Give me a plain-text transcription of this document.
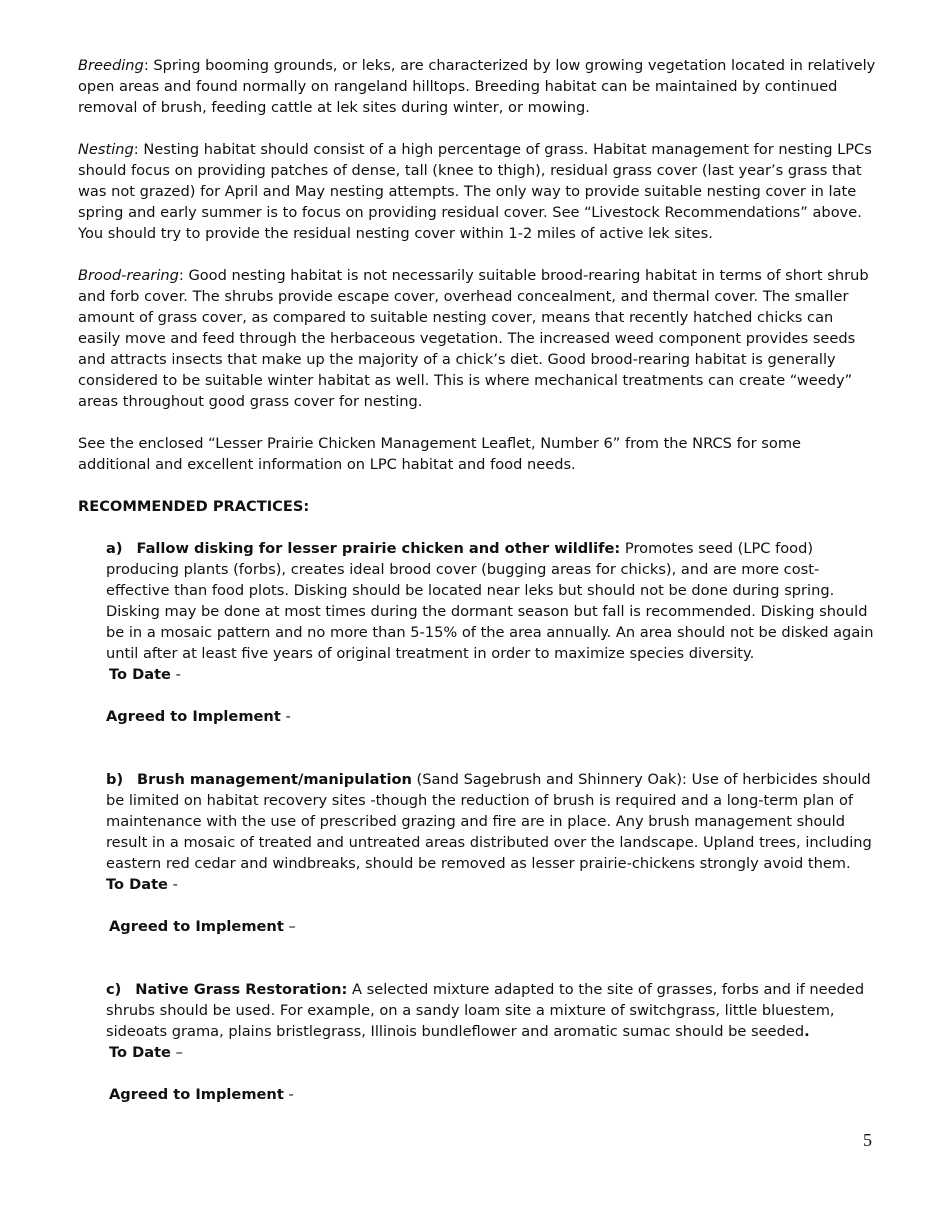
Breeding: Spring booming grounds, or leks, are characterized by low growing vegetation located in relatively open areas and found normally on rangeland hilltops. Breeding habitat can be maintained by continued removal of brush, feeding cattle at lek sites during winter, or mowing.

Nesting: Nesting habitat should consist of a high percentage of grass. Habitat management for nesting LPCs should focus on providing patches of dense, tall (knee to thigh), residual grass cover (last year’s grass that was not grazed) for April and May nesting attempts. The only way to provide suitable nesting cover in late spring and early summer is to focus on providing residual cover. See “Livestock Recommendations” above. You should try to provide the residual nesting cover within 1-2 miles of active lek sites.

Brood-rearing: Good nesting habitat is not necessarily suitable brood-rearing habitat in terms of short shrub and forb cover. The shrubs provide escape cover, overhead concealment, and thermal cover. The smaller amount of grass cover, as compared to suitable nesting cover, means that recently hatched chicks can easily move and feed through the herbaceous vegetation. The increased weed component provides seeds and attracts insects that make up the majority of a chick’s diet. Good brood-rearing habitat is generally considered to be suitable winter habitat as well. This is where mechanical treatments can create “weedy” areas throughout good grass cover for nesting.

See the enclosed “Lesser Prairie Chicken Management Leaflet, Number 6” from the NRCS for some additional and excellent information on LPC habitat and food needs.

RECOMMENDED PRACTICES:

a) Fallow disking for lesser prairie chicken and other wildlife: Promotes seed (LPC food) producing plants (forbs), creates ideal brood cover (bugging areas for chicks), and are more cost-effective than food plots. Disking should be located near leks but should not be done during spring. Disking may be done at most times during the dormant season but fall is recommended. Disking should be in a mosaic pattern and no more than 5-15% of the area annually. An area should not be disked again until after at least five years of original treatment in order to maximize species diversity.

To Date -

Agreed to Implement -

b) Brush management/manipulation (Sand Sagebrush and Shinnery Oak): Use of herbicides should be limited on habitat recovery sites -though the reduction of brush is required and a long-term plan of maintenance with the use of prescribed grazing and fire are in place. Any brush management should result in a mosaic of treated and untreated areas distributed over the landscape. Upland trees, including eastern red cedar and windbreaks, should be removed as lesser prairie-chickens strongly avoid them.

To Date -

Agreed to Implement –

c) Native Grass Restoration: A selected mixture adapted to the site of grasses, forbs and if needed shrubs should be used. For example, on a sandy loam site a mixture of switchgrass, little bluestem, sideoats grama, plains bristlegrass, Illinois bundleflower and aromatic sumac should be seeded.

To Date –

Agreed to Implement -

5
